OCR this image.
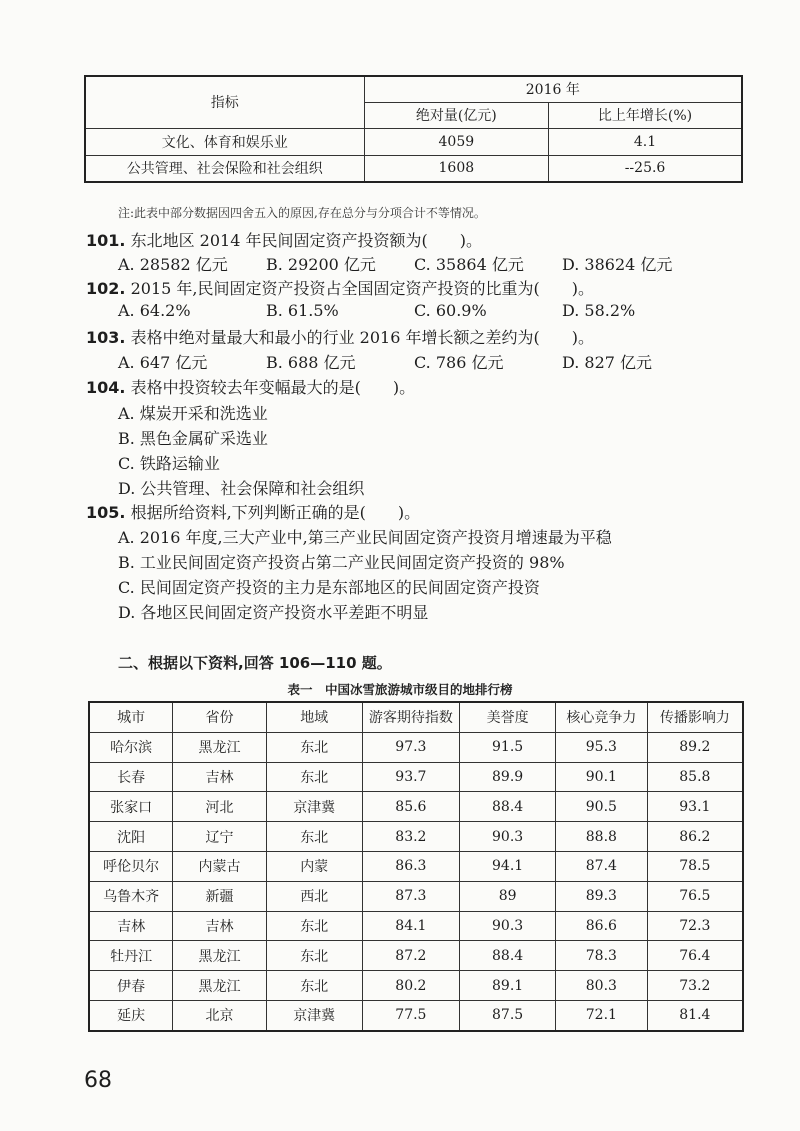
指标	2016 年	
	绝对量(亿元)	比上年增长(%)
文化、体育和娱乐业	4059	4.1
公共管理、社会保险和社会组织	1608	--25.6
注:此表中部分数据因四舍五入的原因,存在总分与分项合计不等情况。
101. 东北地区 2014 年民间固定资产投资额为(　　)。
A. 28582 亿元 B. 29200 亿元 C. 35864 亿元 D. 38624 亿元
102. 2015 年,民间固定资产投资占全国固定资产投资的比重为(　　)。
A. 64.2%	B. 61.5%	C. 60.9%	D. 58.2%
103. 表格中绝对量最大和最小的行业 2016 年增长额之差约为(　　)。
A. 647 亿元	B. 688 亿元	C. 786 亿元	D. 827 亿元
104. 表格中投资较去年变幅最大的是(　　)。
A. 煤炭开采和洗选业
B. 黑色金属矿采选业
C. 铁路运输业
D. 公共管理、社会保障和社会组织
105. 根据所给资料,下列判断正确的是(　　)。
A. 2016 年度,三大产业中,第三产业民间固定资产投资月增速最为平稳
B. 工业民间固定资产投资占第二产业民间固定资产投资的 98%
C. 民间固定资产投资的主力是东部地区的民间固定资产投资
D. 各地区民间固定资产投资水平差距不明显
二、根据以下资料,回答 106—110 题。
表一　中国冰雪旅游城市级目的地排行榜
城市	省份	地域	游客期待指数	美誉度	核心竞争力	传播影响力
哈尔滨	黑龙江	东北	97.3	91.5	95.3	89.2
长春	吉林	东北	93.7	89.9	90.1	85.8
张家口	河北	京津冀	85.6	88.4	90.5	93.1
沈阳	辽宁	东北	83.2	90.3	88.8	86.2
呼伦贝尔	内蒙古	内蒙	86.3	94.1	87.4	78.5
乌鲁木齐	新疆	西北	87.3	89	89.3	76.5
吉林	吉林	东北	84.1	90.3	86.6	72.3
牡丹江	黑龙江	东北	87.2	88.4	78.3	76.4
伊春	黑龙江	东北	80.2	89.1	80.3	73.2
延庆	北京	京津冀	77.5	87.5	72.1	81.4
68
